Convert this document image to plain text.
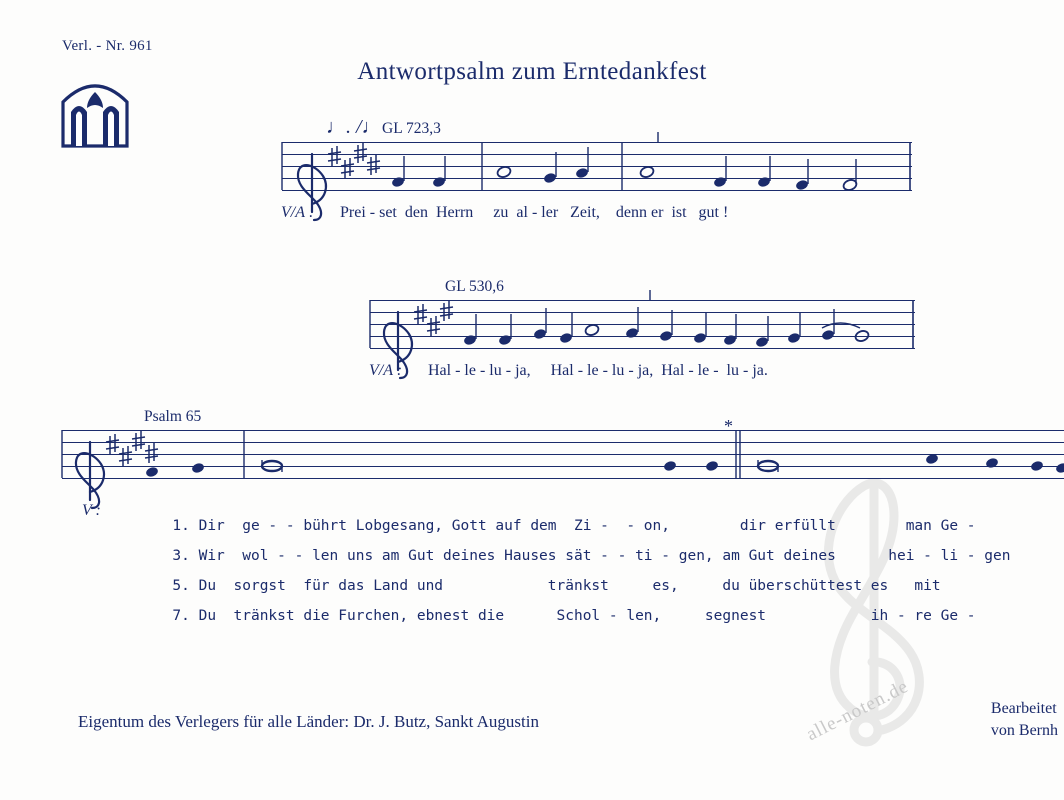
Verl. - Nr. 961
Antwortpsalm zum Erntedankfest
alle-noten.de
GL 723,3
♩. /♩
V/A : Prei - set  den  Herrn     zu  al - ler   Zeit,    denn er  ist   gut !
GL 530,6
V/A : Hal - le - lu - ja,     Hal - le - lu - ja,  Hal - le -  lu - ja.
Psalm 65	*
V :

1. Dir  ge - - bührt Lobgesang, Gott auf dem  Zi -  - on,        dir erfüllt        man Ge -

3. Wir  wol - - len uns am Gut deines Hauses sät - - ti - gen, am Gut deines      hei - li - gen

5. Du  sorgst  für das Land und            tränkst     es,     du überschüttest es   mit

7. Du  tränkst die Furchen, ebnest die      Schol - len,     segnest            ih - re Ge -

Eigentum des Verlegers für alle Länder: Dr. J. Butz, Sankt Augustin
Bearbeitet
von Bernh
